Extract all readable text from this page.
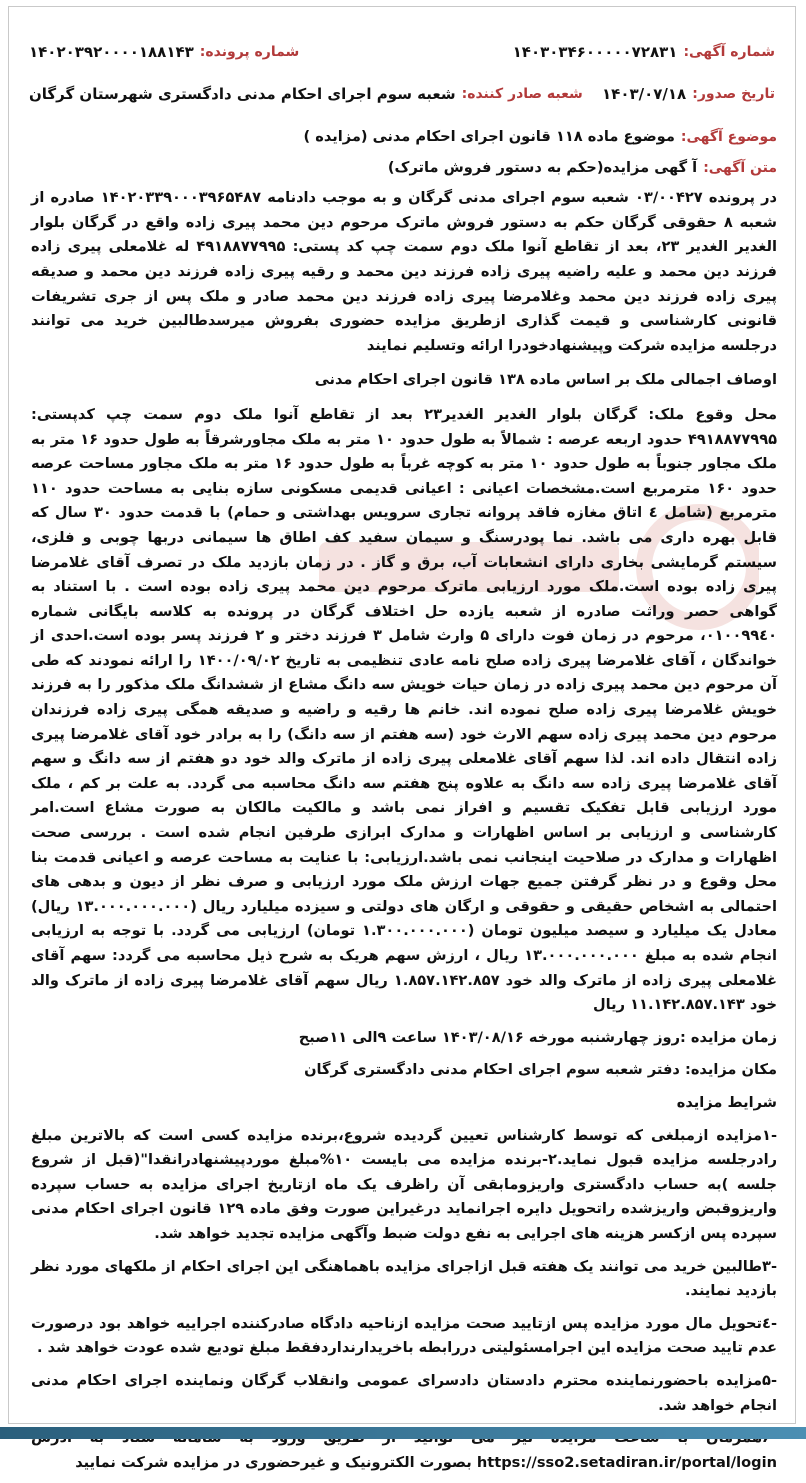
شماره آگهی:
۱۴۰۳۰۳۴۶۰۰۰۰۰۷۲۸۳۱
شماره پرونده:
۱۴۰۲۰۳۹۲۰۰۰۰۱۸۸۱۴۳
تاریخ صدور:
۱۴۰۳/۰۷/۱۸
شعبه صادر کننده:
شعبه سوم اجرای احکام مدنی دادگستری شهرستان گرگان
موضوع آگهی:
موضوع ماده ۱۱۸ قانون اجرای احکام مدنی (مزایده )
متن آگهی:
آ گهی مزایده(حکم به دستور فروش ماترک)

در پرونده ۰۳/۰۰۴۲۷ شعبه سوم اجرای مدنی گرگان و به موجب دادنامه ۱۴۰۲۰۳۳۹۰۰۰۳۹۶۵۴۸۷ صادره از شعبه ۸ حقوقی گرگان حکم به دستور فروش ماترک مرحوم دین محمد پیری زاده واقع در گرگان بلوار الغدیر الغدیر ۲۳، بعد از تقاطع آنوا ملک دوم سمت چپ کد پستی: ۴۹۱۸۸۷۷۹۹۵ له غلامعلی پیری زاده فرزند دین محمد و علیه راضیه پیری زاده فرزند دین محمد و رقیه پیری زاده فرزند دین محمد و صدیقه پیری زاده فرزند دین محمد وغلامرضا پیری زاده فرزند دین محمد صادر و ملک پس از جری تشریفات قانونی کارشناسی و قیمت گذاری ازطریق مزایده حضوری بفروش میرسدطالبین خرید می توانند درجلسه مزایده شرکت وپیشنهادخودرا ارائه وتسلیم نمایند

اوصاف اجمالی ملک بر اساس ماده ۱۳۸ قانون اجرای احکام مدنی

محل وقوع ملک: گرگان بلوار الغدیر الغدیر۲۳ بعد از تقاطع آنوا ملک دوم سمت چپ کدپستی: ۴۹۱۸۸۷۷۹۹۵ حدود اربعه عرصه : شمالاً به طول حدود ۱۰ متر به ملک مجاورشرقاً به طول حدود ۱۶ متر به ملک مجاور جنوباً به طول حدود ۱۰ متر به کوچه غرباً به طول حدود ۱۶ متر به ملک مجاور مساحت عرصه حدود ۱۶۰ مترمربع است.مشخصات اعیانی : اعیانی قدیمی مسکونی سازه بنایی به مساحت حدود ۱۱۰ مترمربع (شامل ٤ اتاق مغازه فاقد پروانه تجاری سرویس بهداشتی و حمام) با قدمت حدود ۳۰ سال که قابل بهره داری می باشد. نما پودرسنگ و سیمان سفید کف اطاق ها سیمانی دربها چوبی و فلزی، سیستم گرمایشی بخاری دارای انشعابات آب، برق و گاز . در زمان بازدید ملک در تصرف آقای غلامرضا پیری زاده بوده است.ملک مورد ارزیابی ماترک مرحوم دین محمد پیری زاده بوده است . با استناد به گواهی حصر وراثت صادره از شعبه یازده حل اختلاف گرگان در پرونده به کلاسه بایگانی شماره ۰۱۰۰۹۹٤۰، مرحوم در زمان فوت دارای ۵ وارث شامل ۳ فرزند دختر و ۲ فرزند پسر بوده است.احدی از خواندگان ، آقای غلامرضا پیری زاده صلح نامه عادی تنظیمی به تاریخ ۱۴۰۰/۰۹/۰۲ را ارائه نمودند که طی آن مرحوم دین محمد پیری زاده در زمان حیات خویش سه دانگ مشاع از ششدانگ ملک مذکور را به فرزند خویش غلامرضا پیری زاده صلح نموده اند. خانم ها رقیه و راضیه و صدیقه همگی پیری زاده فرزندان مرحوم دین محمد پیری زاده سهم الارث خود (سه هفتم از سه دانگ) را به برادر خود آقای غلامرضا پیری زاده انتقال داده اند. لذا سهم آقای غلامعلی پیری زاده از ماترک والد خود دو هفتم از سه دانگ و سهم آقای غلامرضا پیری زاده سه دانگ به علاوه پنج هفتم سه دانگ محاسبه می گردد. به علت بر کم ، ملک مورد ارزیابی قابل تفکیک تقسیم و افراز نمی باشد و مالکیت مالکان به صورت مشاع است.امر کارشناسی و ارزیابی بر اساس اظهارات و مدارک ابرازی طرفین انجام شده است . بررسی صحت اظهارات و مدارک در صلاحیت اینجانب نمی باشد.ارزیابی: با عنایت به مساحت عرصه و اعیانی قدمت بنا محل وقوع و در نظر گرفتن جمیع جهات ارزش ملک مورد ارزیابی و صرف نظر از دیون و بدهی های احتمالی به اشخاص حقیقی و حقوقی و ارگان های دولتی و سیزده میلیارد ریال (۱۳.۰۰۰.۰۰۰.۰۰۰ ریال) معادل یک میلیارد و سیصد میلیون تومان (۱.۳۰۰.۰۰۰.۰۰۰ تومان) ارزیابی می گردد. با توجه به ارزیابی انجام شده به مبلغ ۱۳.۰۰۰.۰۰۰.۰۰۰ ریال ، ارزش سهم هریک به شرح ذیل محاسبه می گردد: سهم آقای غلامعلی پیری زاده از ماترک والد خود ۱.۸۵۷.۱۴۲.۸۵۷ ریال سهم آقای غلامرضا پیری زاده از ماترک والد خود ۱۱.۱۴۲.۸۵۷.۱۴۳ ریال

زمان مزایده :روز چهارشنبه مورخه ۱۴۰۳/۰۸/۱۶ ساعت ۹الی ۱۱صبح

مکان مزایده: دفتر شعبه سوم اجرای احکام مدنی دادگستری گرگان

شرایط مزایده

-۱مزایده ازمبلغی که توسط کارشناس تعیین گردیده شروع،برنده مزایده کسی است که بالاترین مبلغ رادرجلسه مزایده قبول نماید.۲-برنده مزایده می بایست ۱۰%مبلغ موردپیشنهادرانقدا"(قبل از شروع جلسه )به حساب دادگستری واریزومابقی آن راظرف یک ماه ازتاریخ اجرای مزایده به حساب سپرده واریزوقبض واریزشده راتحویل دایره اجرانماید درغیراین صورت وفق ماده ۱۲۹ قانون اجرای احکام مدنی سپرده پس ازکسر هزینه های اجرایی به نفع دولت ضبط وآگهی مزایده تجدید خواهد شد.

-۳طالبین خرید می توانند یک هفته قبل ازاجرای مزایده باهماهنگی این اجرای احکام از ملکهای مورد نظر بازدید نمایند.

-٤تحویل مال مورد مزایده پس ازتایید صحت مزایده ازناحیه دادگاه صادرکننده اجراییه خواهد بود درصورت عدم تایید صحت مزایده این اجرامسئولیتی دررابطه باخریدارنداردفقط مبلغ تودیع شده عودت خواهد شد .

-۵مزایده باحضورنماینده محترم دادستان دادسرای عمومی وانقلاب گرگان ونماینده اجرای احکام مدنی انجام خواهد شد.

https://sso2.setadiran.ir/portal/login بصورت الکترونیک و غیرحضوری در مزایده شرکت نمایید
